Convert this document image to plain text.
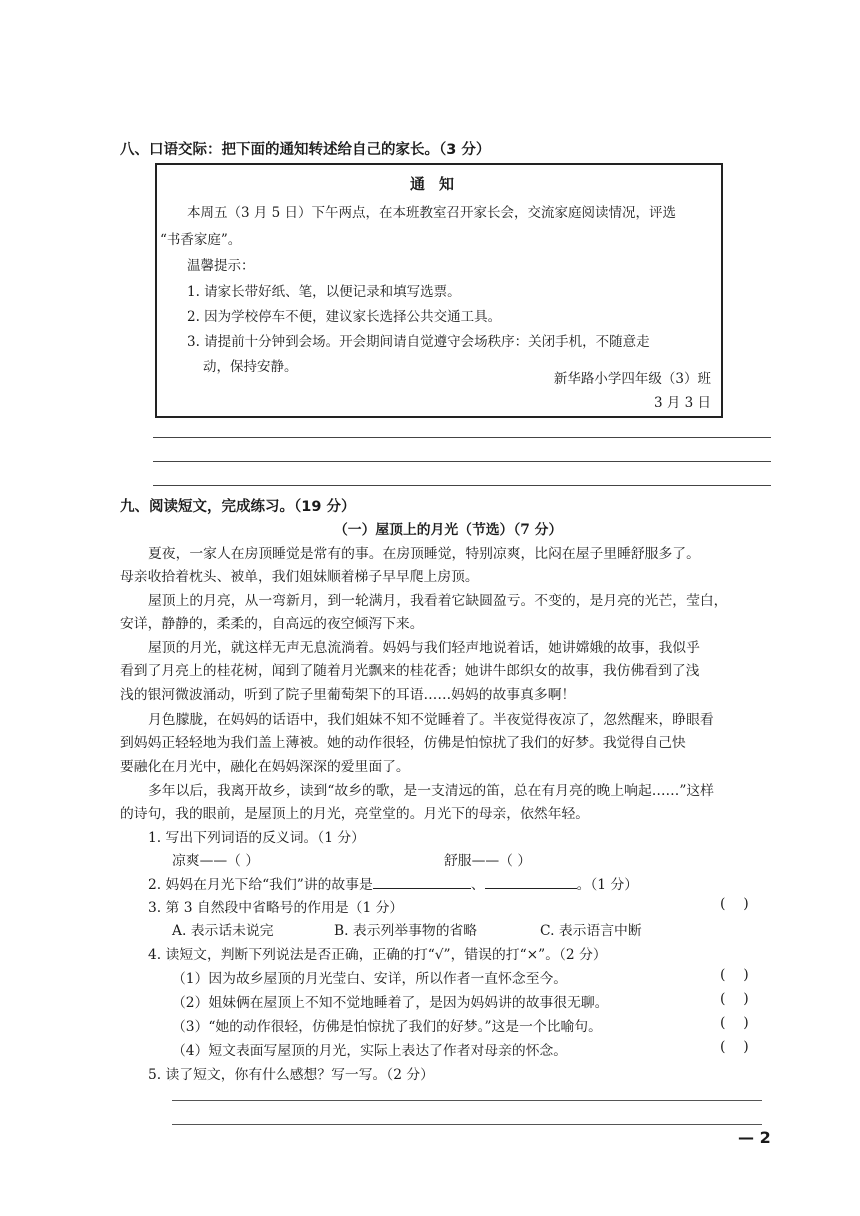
八、口语交际：把下面的通知转述给自己的家长。（3 分）
通知
本周五（3 月 5 日）下午两点，在本班教室召开家长会，交流家庭阅读情况，评选
“书香家庭”。
温馨提示：
1. 请家长带好纸、笔，以便记录和填写选票。
2. 因为学校停车不便，建议家长选择公共交通工具。
3. 请提前十分钟到会场。开会期间请自觉遵守会场秩序：关闭手机，不随意走
动，保持安静。
新华路小学四年级（3）班
3 月 3 日
九、阅读短文，完成练习。（19 分）
（一）屋顶上的月光（节选）（7 分）
夏夜，一家人在房顶睡觉是常有的事。在房顶睡觉，特别凉爽，比闷在屋子里睡舒服多了。
母亲收拾着枕头、被单，我们姐妹顺着梯子早早爬上房顶。
屋顶上的月亮，从一弯新月，到一轮满月，我看着它缺圆盈亏。不变的，是月亮的光芒，莹白，
安详，静静的，柔柔的，自高远的夜空倾泻下来。
屋顶的月光，就这样无声无息流淌着。妈妈与我们轻声地说着话，她讲嫦娥的故事，我似乎
看到了月亮上的桂花树，闻到了随着月光飘来的桂花香；她讲牛郎织女的故事，我仿佛看到了浅
浅的银河微波涌动，听到了院子里葡萄架下的耳语……妈妈的故事真多啊！
月色朦胧，在妈妈的话语中，我们姐妹不知不觉睡着了。半夜觉得夜凉了，忽然醒来，睁眼看
到妈妈正轻轻地为我们盖上薄被。她的动作很轻，仿佛是怕惊扰了我们的好梦。我觉得自己快
要融化在月光中，融化在妈妈深深的爱里面了。
多年以后，我离开故乡，读到“故乡的歌，是一支清远的笛，总在有月亮的晚上响起……”这样
的诗句，我的眼前，是屋顶上的月光，亮堂堂的。月光下的母亲，依然年轻。
1. 写出下列词语的反义词。（1 分）
凉爽——（ ）	舒服——（ ）
2. 妈妈在月光下给“我们”讲的故事是	、	。（1 分）
3. 第 3 自然段中省略号的作用是（1 分）	(    )
A. 表示话未说完	B. 表示列举事物的省略	C. 表示语言中断
4. 读短文，判断下列说法是否正确，正确的打“√”，错误的打“×”。（2 分）
（1）因为故乡屋顶的月光莹白、安详，所以作者一直怀念至今。	(    )
（2）姐妹俩在屋顶上不知不觉地睡着了，是因为妈妈讲的故事很无聊。	(    )
（3）“她的动作很轻，仿佛是怕惊扰了我们的好梦。”这是一个比喻句。	(    )
（4）短文表面写屋顶的月光，实际上表达了作者对母亲的怀念。	(    )
5. 读了短文，你有什么感想？写一写。（2 分）
— 2
